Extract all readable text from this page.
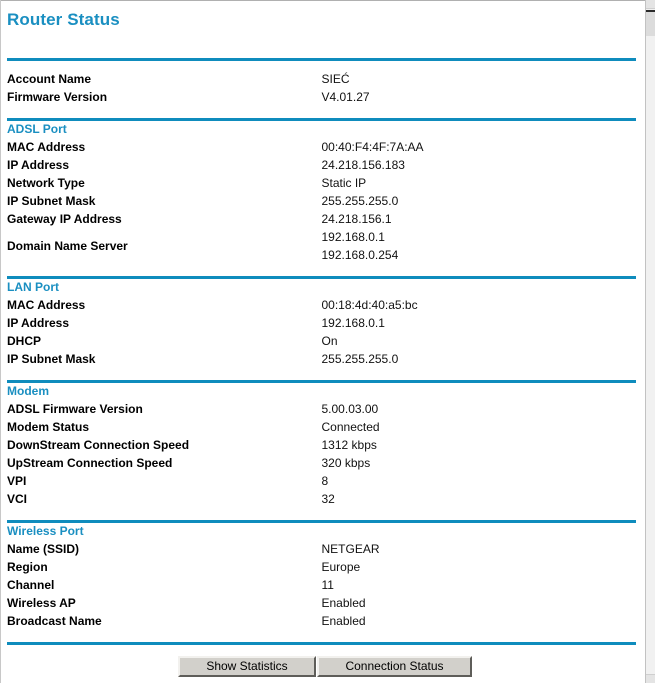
Router Status

Account Name	SIEĆ
Firmware Version	V4.01.27

ADSL Port	
MAC Address	00:40:F4:4F:7A:AA
IP Address	24.218.156.183
Network Type	Static IP
IP Subnet Mask	255.255.255.0
Gateway IP Address	24.218.156.1
Domain Name Server	192.168.0.1
192.168.0.254

LAN Port	
MAC Address	00:18:4d:40:a5:bc
IP Address	192.168.0.1
DHCP	On
IP Subnet Mask	255.255.255.0

Modem	
ADSL Firmware Version	5.00.03.00
Modem Status	Connected
DownStream Connection Speed	1312 kbps
UpStream Connection Speed	320 kbps
VPI	8
VCI	32

Wireless Port	
Name (SSID)	NETGEAR
Region	Europe
Channel	11
Wireless AP	Enabled
Broadcast Name	Enabled

Show Statistics	Connection Status
